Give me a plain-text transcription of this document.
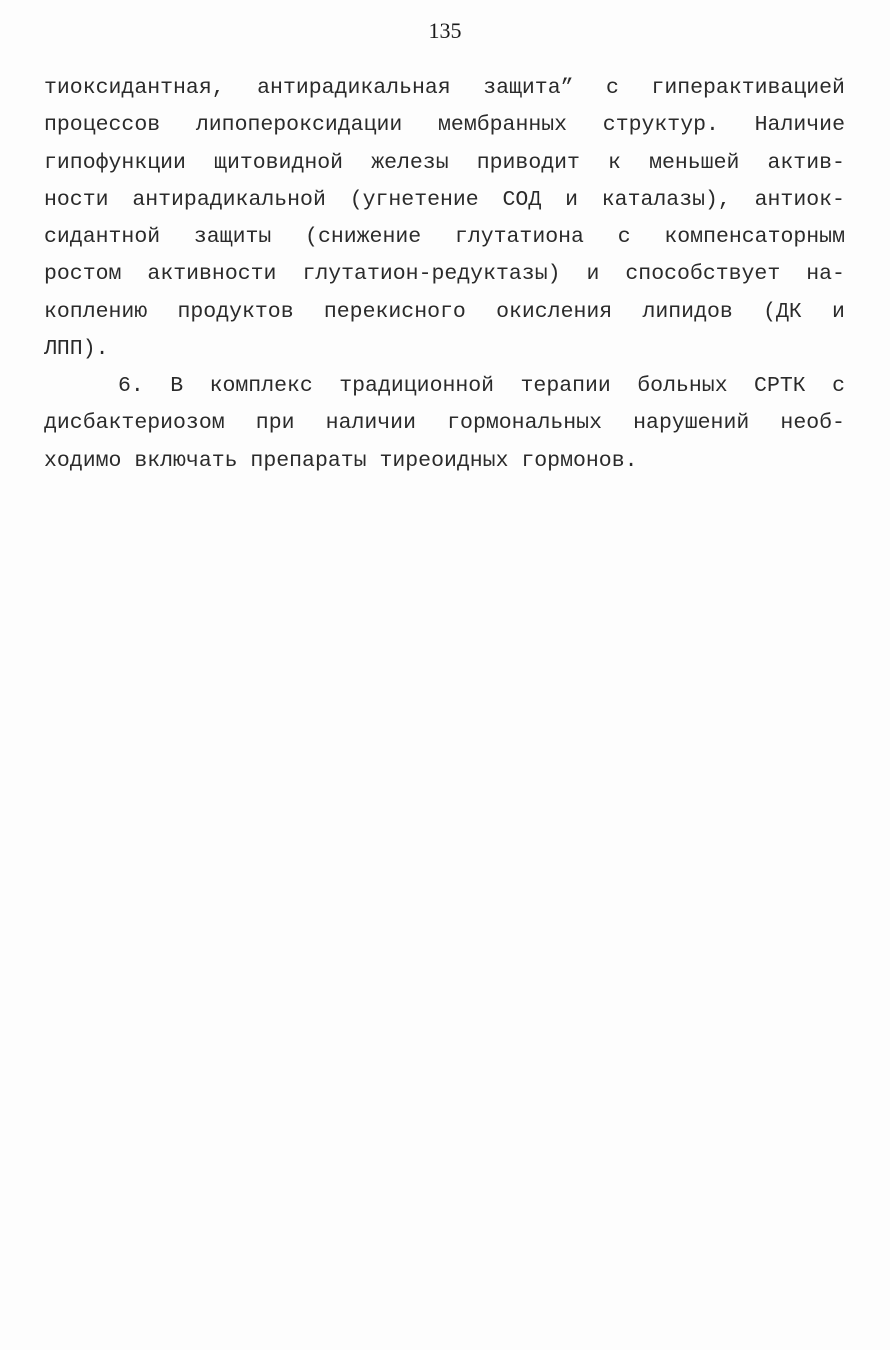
135
тиоксидантная, антирадикальная защита” с гиперактивацией
процессов липопероксидации мембранных структур. Наличие
гипофункции щитовидной железы приводит к меньшей актив-
ности антирадикальной (угнетение СОД и каталазы), антиок-
сидантной защиты (снижение глутатиона с компенсаторным
ростом активности глутатион-редуктазы) и способствует на-
коплению продуктов перекисного окисления липидов (ДК и
ЛПП).
6. В комплекс традиционной терапии больных СРТК с
дисбактериозом при наличии гормональных нарушений необ-
ходимо включать препараты тиреоидных гормонов.
